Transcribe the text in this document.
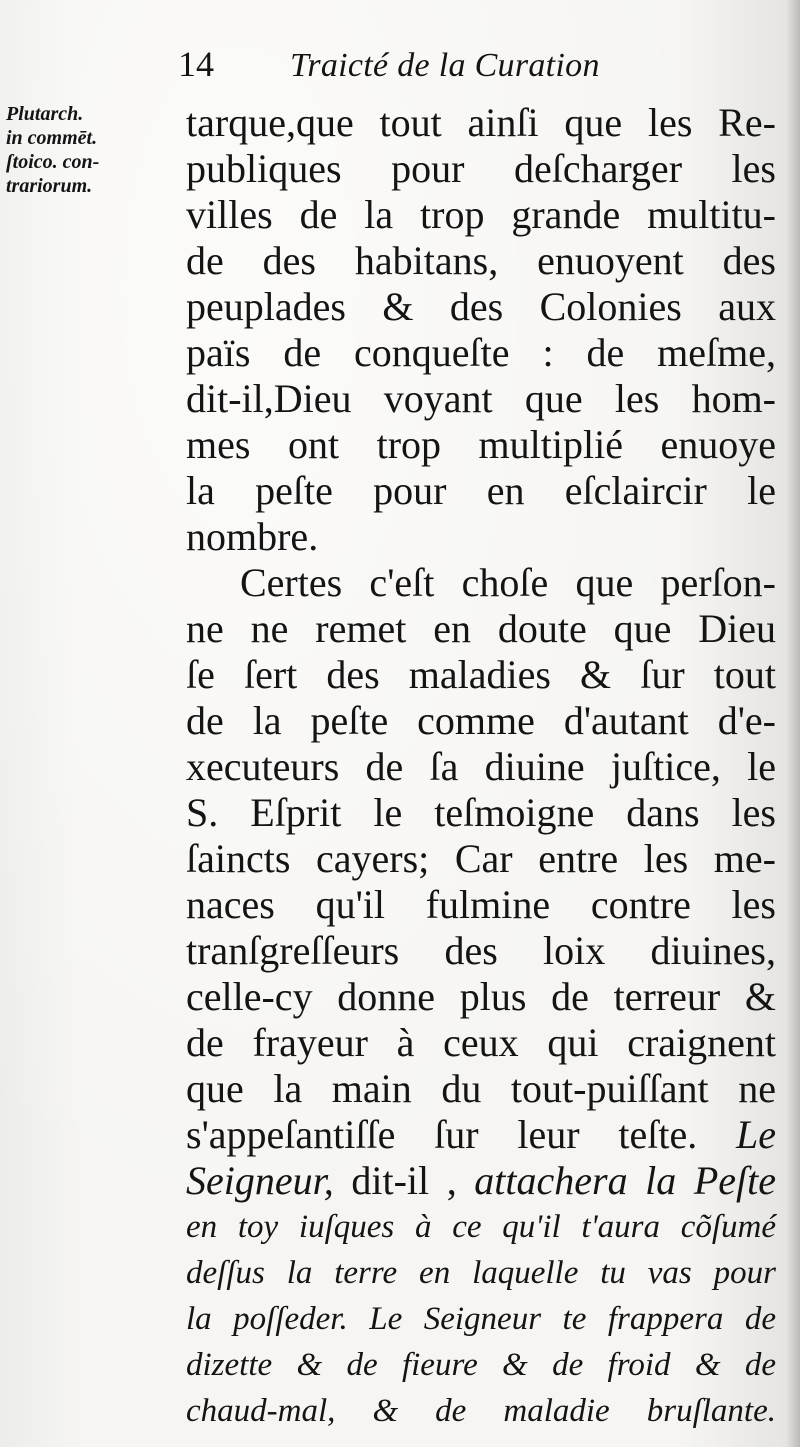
14 Traicté de la Curation
Plutarch.
in commēt.
ſtoico. con-
trariorum.
tarque,que tout ainſi que les Re-
publiques pour deſcharger les
villes de la trop grande multitu-
de des habitans, enuoyent des
peuplades & des Colonies aux
païs de conqueſte : de meſme,
dit-il,Dieu voyant que les hom-
mes ont trop multiplié enuoye
la peſte pour en eſclaircir le
nombre.
Certes c'eſt choſe que perſon-
ne ne remet en doute que Dieu
ſe ſert des maladies & ſur tout
de la peſte comme d'autant d'e-
xecuteurs de ſa diuine juſtice, le
S. Eſprit le teſmoigne dans les
ſaincts cayers; Car entre les me-
naces qu'il fulmine contre les
tranſgreſſeurs des loix diuines,
celle-cy donne plus de terreur &
de frayeur à ceux qui craignent
que la main du tout-puiſſant ne
s'appeſantiſſe ſur leur teſte. Le
Seigneur, dit-il , attachera la Peſte
en toy iuſques à ce qu'il t'aura cõſumé
deſſus la terre en laquelle tu vas pour
la poſſeder. Le Seigneur te frappera de
dizette & de fieure & de froid & de
chaud-mal, & de maladie bruſlante.
